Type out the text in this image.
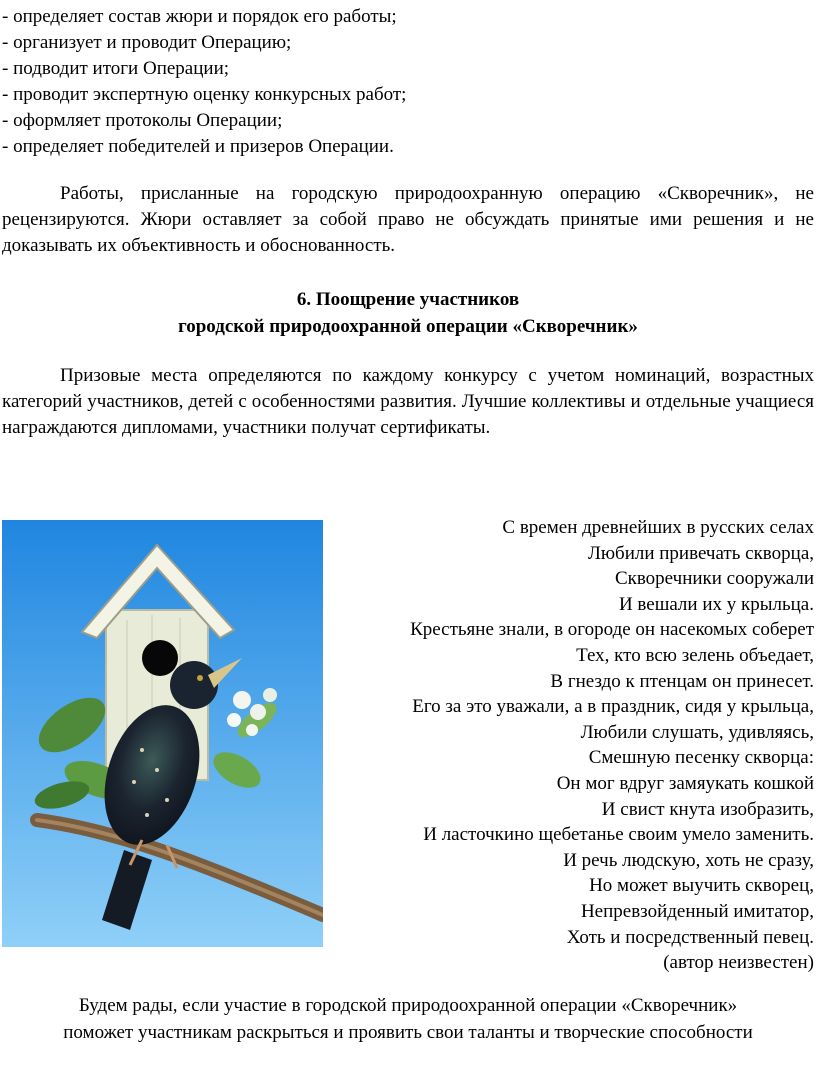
- определяет состав жюри и порядок его работы;
- организует и проводит Операцию;
- подводит итоги Операции;
- проводит экспертную оценку конкурсных работ;
- оформляет протоколы Операции;
- определяет победителей и призеров Операции.

Работы, присланные на городскую природоохранную операцию «Скворечник», не рецензируются. Жюри оставляет за собой право не обсуждать принятые ими решения и не доказывать их объективность и обоснованность.

6. Поощрение участников
городской природоохранной операции «Скворечник»

Призовые места определяются по каждому конкурсу с учетом номинаций, возрастных категорий участников, детей с особенностями развития. Лучшие коллективы и отдельные учащиеся награждаются дипломами, участники получат сертификаты.

С времен древнейших в русских селах
Любили привечать скворца,
Скворечники сооружали
И вешали их у крыльца.
Крестьяне знали, в огороде он насекомых соберет
Тех, кто всю зелень объедает,
В гнездо к птенцам он принесет.
Его за это уважали, а в праздник, сидя у крыльца,
Любили слушать, удивляясь,
Смешную песенку скворца:
Он мог вдруг замяукать кошкой
И свист кнута изобразить,
И ласточкино щебетанье своим умело заменить.
И речь людскую, хоть не сразу,
Но может выучить скворец,
Непревзойденный имитатор,
Хоть и посредственный певец.
(автор неизвестен)

Будем рады, если участие в городской природоохранной операции «Скворечник»
поможет участникам раскрыться и проявить свои таланты и творческие способности
